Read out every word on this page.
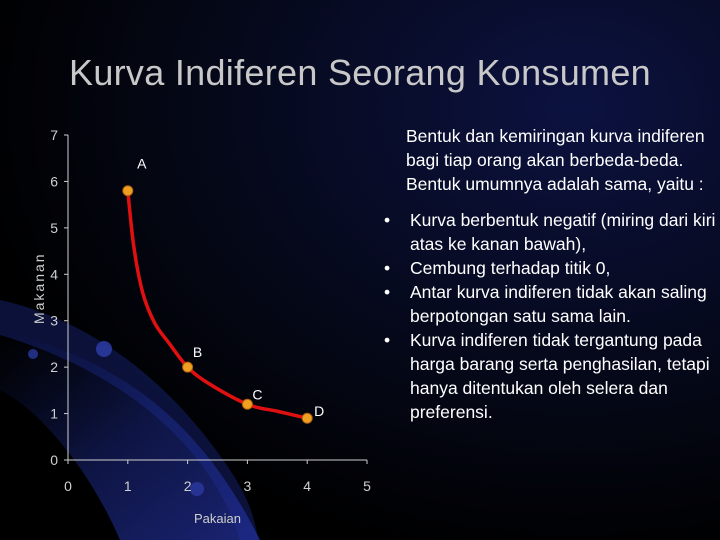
Kurva Indiferen Seorang Konsumen
0
1
2
3
4
5
6
7
0	1	2	3	4	5
Pakaian
Makanan
A
B
C
D
Bentuk dan kemiringan kurva indiferen bagi tiap orang akan berbeda-beda. Bentuk umumnya adalah sama, yaitu :
• Kurva berbentuk negatif (miring dari kiri atas ke kanan bawah),
• Cembung terhadap titik 0,
• Antar kurva indiferen tidak akan saling berpotongan satu sama lain.
• Kurva indiferen tidak tergantung pada harga barang serta penghasilan, tetapi hanya ditentukan oleh selera dan preferensi.
